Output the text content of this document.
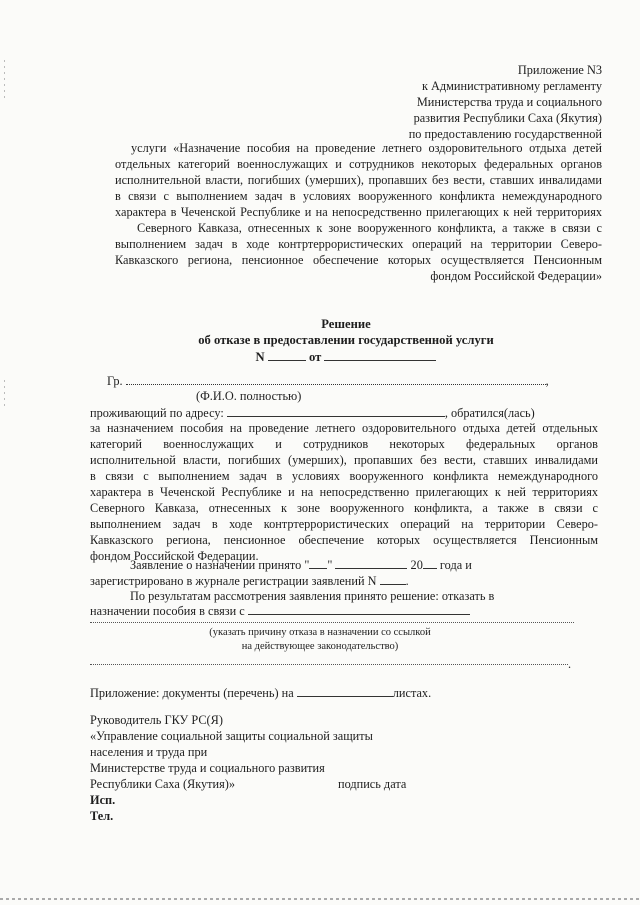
Приложение N3
к Административному регламенту
Министерства труда и социального
развития Республики Саха (Якутия)
по предоставлению государственной
услуги «Назначение пособия на проведение летнего оздоровительного отдыха детей
отдельных категорий военнослужащих и сотрудников некоторых федеральных органов
исполнительной власти, погибших (умерших), пропавших без вести, ставших инвалидами
в связи с выполнением задач в условиях вооруженного конфликта немеждународного
характера в Чеченской Республике и на непосредственно прилегающих к ней территориях
Северного Кавказа, отнесенных к зоне вооруженного конфликта, а также в связи с
выполнением задач в ходе контртеррористических операций на территории Северо-
Кавказского региона, пенсионное обеспечение которых осуществляется Пенсионным
фондом Российской Федерации»
Решение
об отказе в предоставлении государственной услуги
N	от
Гр.	,
(Ф.И.О. полностью)
проживающий по адресу:	, обратился(лась)
за назначением пособия на проведение летнего оздоровительного отдыха детей отдельных
категорий военнослужащих и сотрудников некоторых федеральных органов
исполнительной власти, погибших (умерших), пропавших без вести, ставших инвалидами
в связи с выполнением задач в условиях вооруженного конфликта немеждународного
характера в Чеченской Республике и на непосредственно прилегающих к ней территориях
Северного Кавказа, отнесенных к зоне вооруженного конфликта, а также в связи с
выполнением задач в ходе контртеррористических операций на территории Северо-
Кавказского региона, пенсионное обеспечение которых осуществляется Пенсионным
фондом Российской Федерации.
Заявление о назначении принято " "	20 года и
зарегистрировано в журнале регистрации заявлений N .
По результатам рассмотрения заявления принято решение: отказать в
назначении пособия в связи с
(указать причину отказа в назначении со ссылкой
на действующее законодательство)
.
Приложение: документы (перечень) на	листах.
Руководитель ГКУ РС(Я)
«Управление социальной защиты социальной защиты
населения и труда при
Министерстве труда и социального развития
Республики Саха (Якутия)»	подпись дата
Исп.
Тел.
